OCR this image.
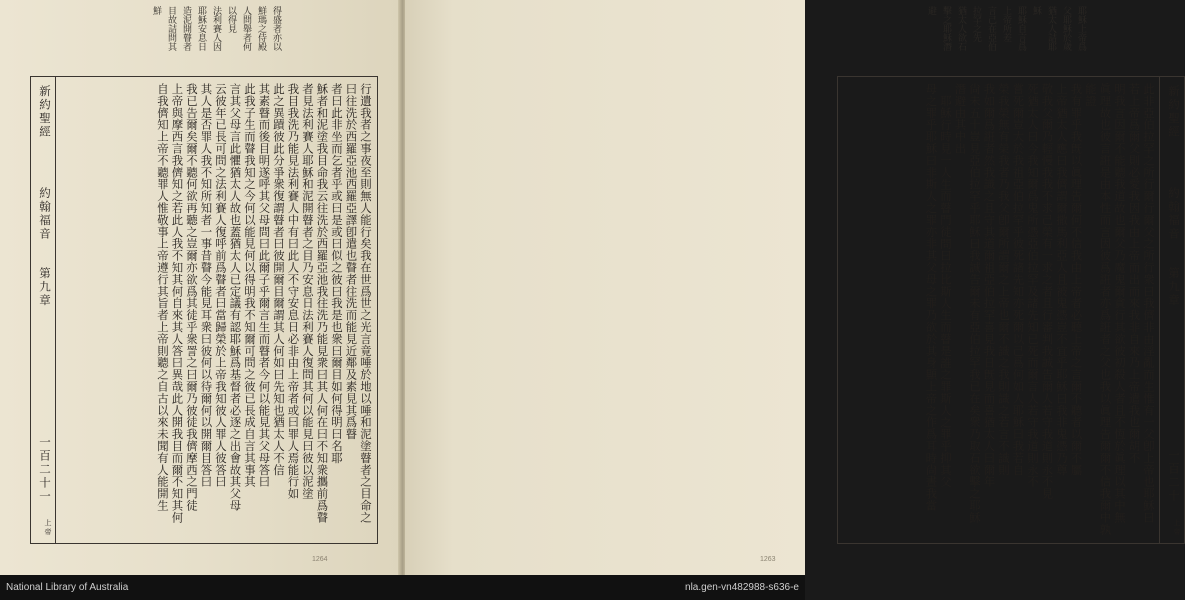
得盛者亦以
鮮瑪之侍殿
人問舉者何
以得見
法利賽人因
耶穌安息日
造泥開瞽者
目故詰問其
鮮
新約聖經
約翰福音
第九章
一百二十一
上帝
行遺我者之事夜至則無人能行矣我在世爲世之光言竟唾於地以唾和泥塗瞽者之目命之
曰往洗於西羅亞池西羅亞譯卽遣也瞽者往洗而能見近鄰及素見其爲瞽
者曰此非坐而乞者乎或曰是或曰似之彼曰我是也衆曰爾目如何得明曰名耶
穌者和泥塗我目命我云往洗於西羅亞池我往洗乃能見衆曰其人何在曰不知衆攜前爲瞽
者見法利賽人耶穌和泥開瞽者之目乃安息日法利賽人復問其何以能見曰彼以泥塗
我目我洗乃能見法利賽人中有曰此人不守安息日必非由上帝者或曰罪人焉能行如
此之異蹟彼此分爭衆復謂瞽者曰彼開爾目爾謂其人何如曰先知也猶太人不信
其素瞽而後目明遂呼其父母問曰此爾子乎爾言生而瞽者今何以能見其父母答曰
此我子生而瞽我知之今何以能見何以得明我不知爾可問之彼已長成自言其事其
言其父母言此懼猶太人故也蓋猶太人已定議有認耶穌爲基督者必逐之出會故其父母
云彼年已長可問之法利賽人復呼前爲瞽者曰當歸榮於上帝我知彼人罪人彼答曰
其人是否罪人我不知所知者一事昔瞽今能見耳衆曰彼何以待爾何以開爾目答曰
我已告爾矣爾不聽何欲再聽之豈爾亦欲爲其徒乎衆詈之曰爾乃彼徒我儕摩西之門徒
上帝與摩西言我儕知之若此人我不知其何自來其人答曰異哉此人開我目而爾不知其何
自我儕知上帝不聽罪人惟敬事上帝遵行其旨者上帝則聽之自古以來未聞有人能開生
1264
耶穌上帝爲
父耶穌於歲
猶太人詰耶
穌
耶穌自言爲
上帝所差
言己在亞伯
拉罕之先
猶太人欲石
擊之耶穌潛
避
新約聖經
約翰福音
第九章
一百二十
上帝
此非亞伯拉罕之所行爾行爾父之所行衆曰我儕非由淫亂而生惟有一父卽上帝也耶穌曰
若上帝爲爾父則必愛我因我由上帝而出而來我非自來乃上帝遣我也爾胡不
明我言因爾不能聽我道故也爾父乃魔鬼爾貪行其欲彼初殺人者且不恆於眞理以其中無
眞理故也彼言誑是由本性而言因彼爲誑者亦爲誑者之父也我以眞理告爾爾不信我爾中孰能證
我有罪乎我旣以眞理告爾何不信我由上帝者必聽上帝之言爾不聽者以爾不屬
上帝猶太人應曰我儕謂爾撒馬利亞人且被鬼憑豈不宜乎耶穌曰我非鬼憑乃尊
敬我父爾乃輕慢我我不求己榮有一求之者且行審判我誠告爾人若守我道則永不見
死猶太人曰今我知爾爲鬼所憑亞伯拉罕及諸先知已死而爾言人若守我道則永不
嘗死爾豈大於我祖亞伯拉罕乎彼死諸先知亦死爾以己爲何如人耶穌曰我若自
榮我榮無有榮我者乃我父卽爾所謂爾之上帝也爾不識之我則識之若言不識則
我如爾爲誑者然我識之且守其道爾祖亞伯拉罕喜見我日旣見而喜猶太人曰爾年
尙未五十豈見亞伯拉罕乎耶穌曰我誠告爾未有亞伯拉罕我已在矣衆乃取石欲擊之耶穌
潛避由其中出
耶穌行時見一人生而瞽門徒問曰拉比斯人生而瞽是誰之罪斯人之罪乎抑其父
母之罪乎耶穌曰非斯人之罪亦非其父母之罪乃欲於其身顯上帝之作爲耳時尙晝我當
1263
National Library of Australia	nla.gen-vn482988-s636-e
